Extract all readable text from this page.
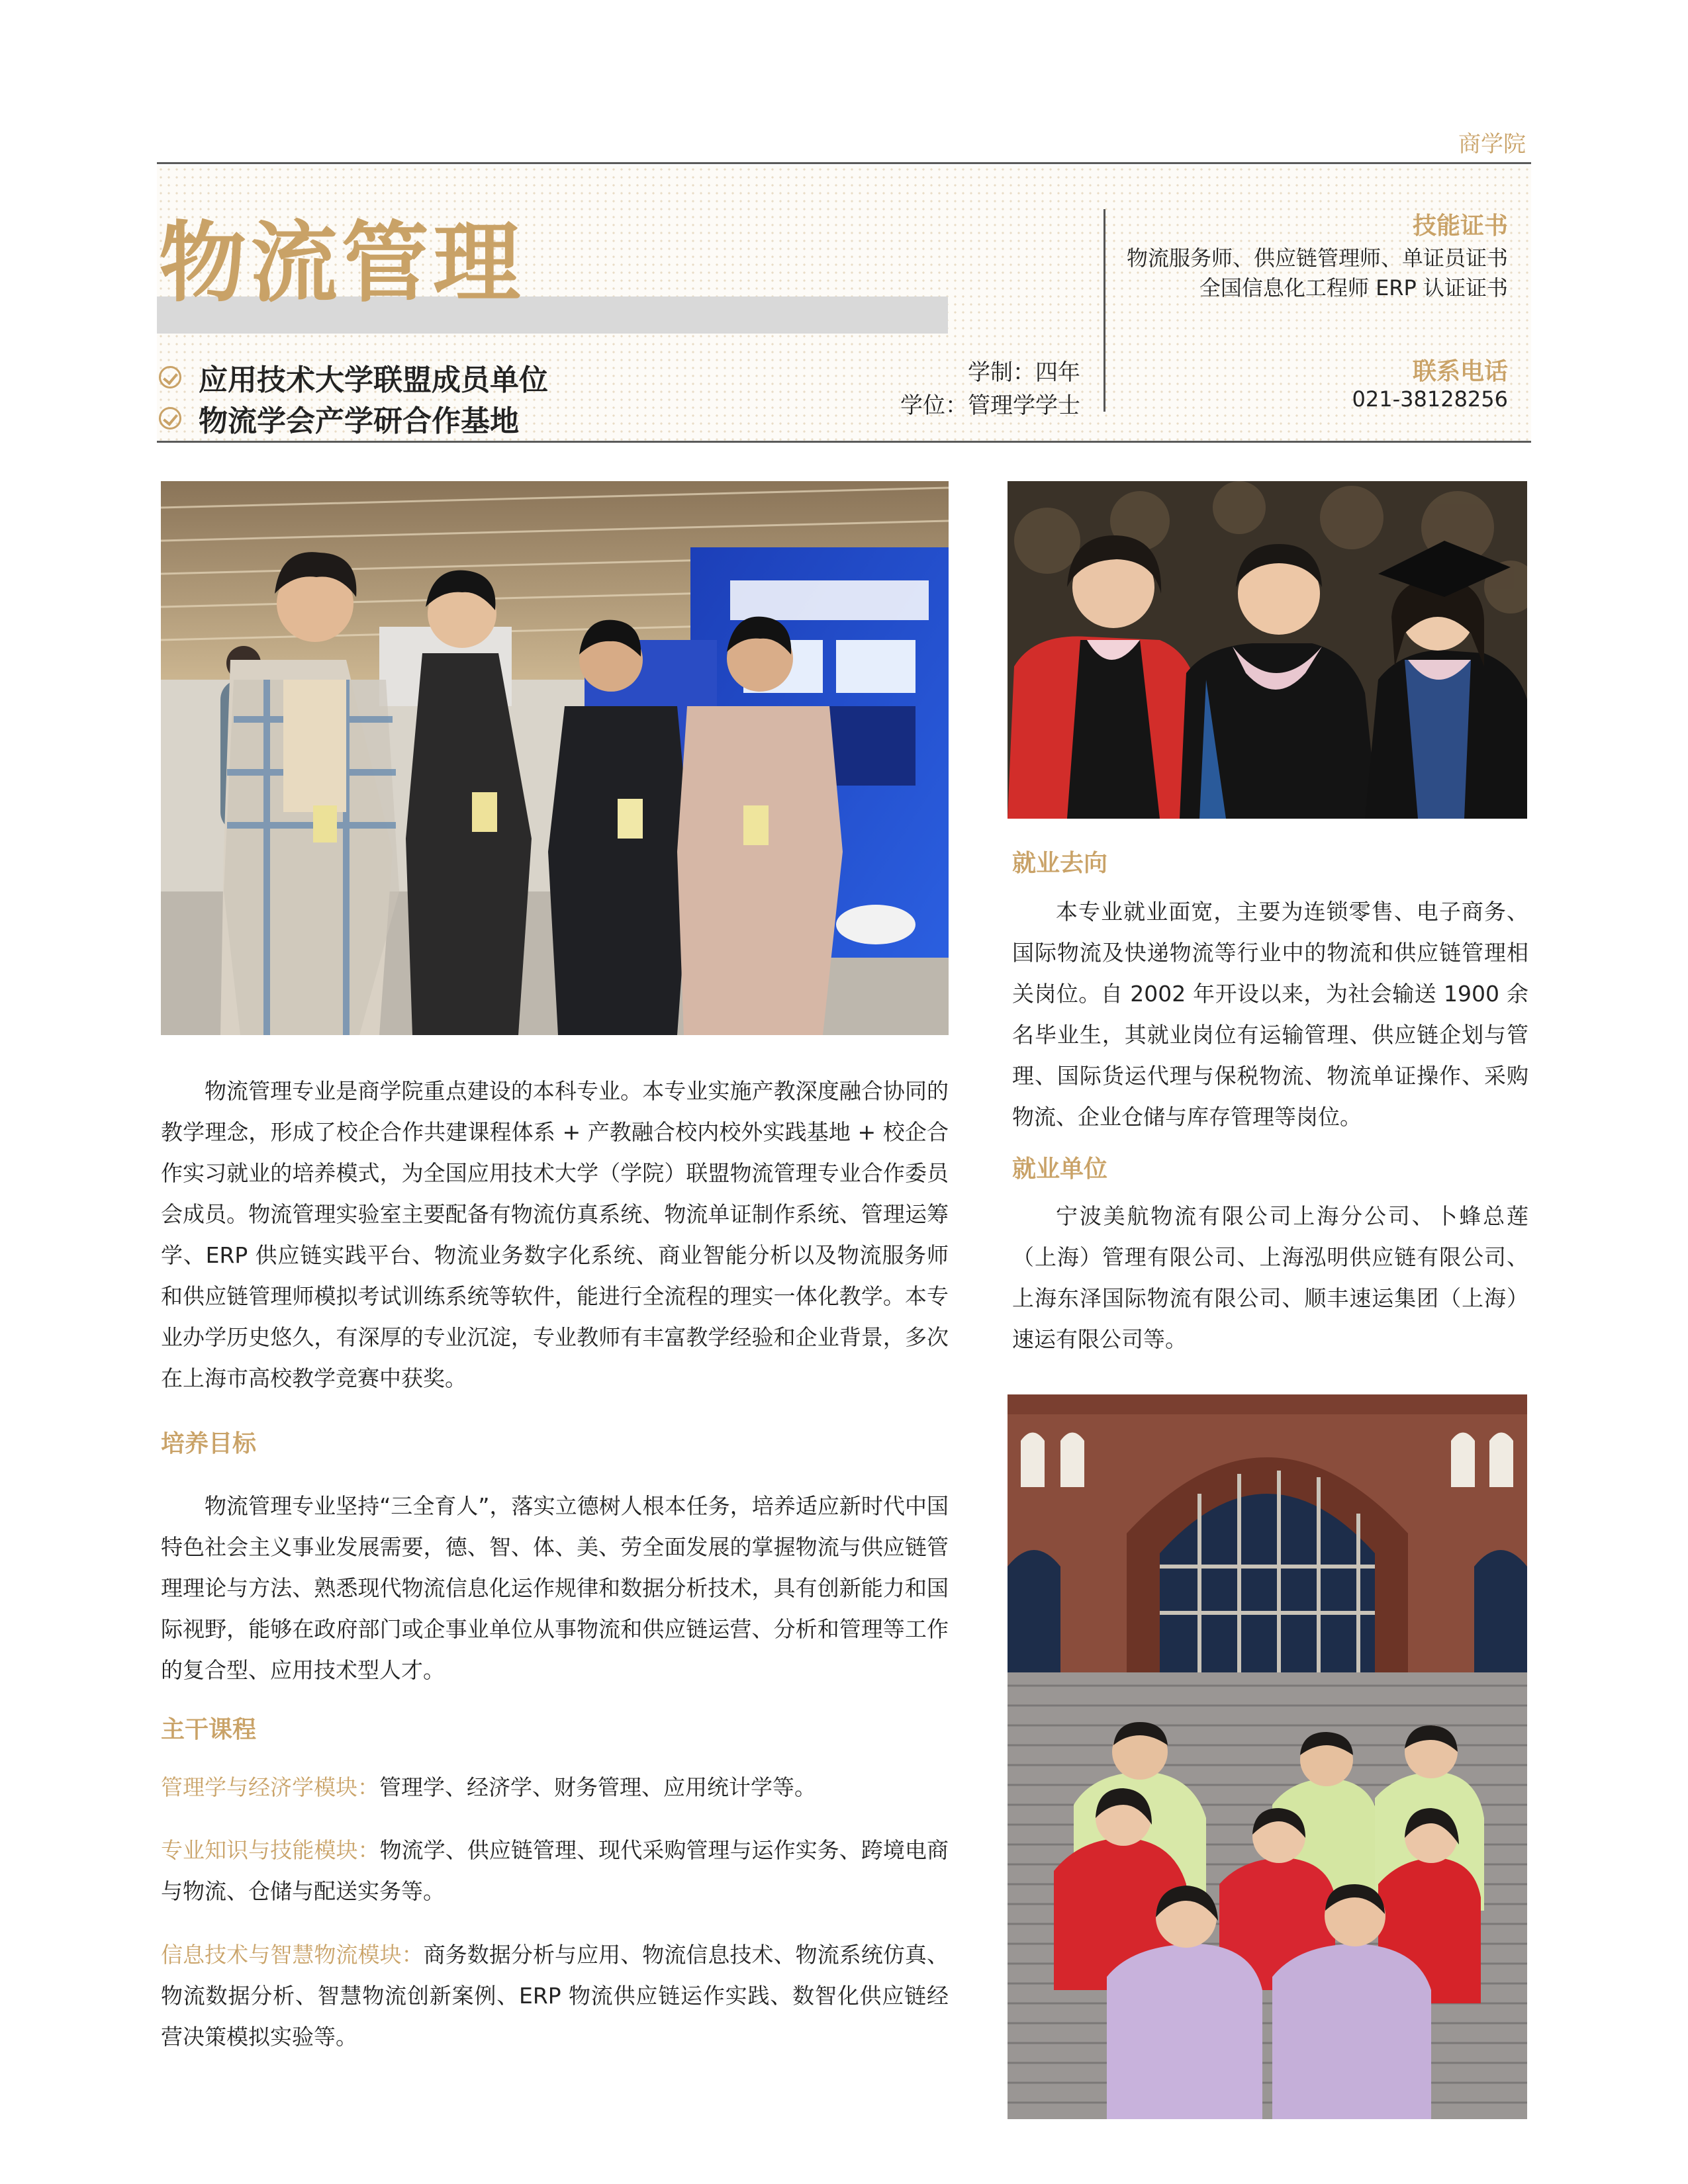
商学院
物流管理
应用技术大学联盟成员单位
物流学会产学研合作基地
学制：四年
学位：管理学学士
技能证书
物流服务师、供应链管理师、单证员证书
全国信息化工程师 ERP 认证证书
联系电话
021-38128256
就业去向

本专业就业面宽，主要为连锁零售、电子商务、国际物流及快递物流等行业中的物流和供应链管理相关岗位。自 2002 年开设以来，为社会输送 1900 余名毕业生，其就业岗位有运输管理、供应链企划与管理、国际货运代理与保税物流、物流单证操作、采购物流、企业仓储与库存管理等岗位。

就业单位

宁波美航物流有限公司上海分公司、卜蜂总莲（上海）管理有限公司、上海泓明供应链有限公司、上海东泽国际物流有限公司、顺丰速运集团（上海）速运有限公司等。

物流管理专业是商学院重点建设的本科专业。本专业实施产教深度融合协同的教学理念，形成了校企合作共建课程体系 + 产教融合校内校外实践基地 + 校企合作实习就业的培养模式，为全国应用技术大学（学院）联盟物流管理专业合作委员会成员。物流管理实验室主要配备有物流仿真系统、物流单证制作系统、管理运筹学、ERP 供应链实践平台、物流业务数字化系统、商业智能分析以及物流服务师和供应链管理师模拟考试训练系统等软件，能进行全流程的理实一体化教学。本专业办学历史悠久，有深厚的专业沉淀，专业教师有丰富教学经验和企业背景，多次在上海市高校教学竞赛中获奖。

培养目标

物流管理专业坚持“三全育人”，落实立德树人根本任务，培养适应新时代中国特色社会主义事业发展需要，德、智、体、美、劳全面发展的掌握物流与供应链管理理论与方法、熟悉现代物流信息化运作规律和数据分析技术，具有创新能力和国际视野，能够在政府部门或企事业单位从事物流和供应链运营、分析和管理等工作的复合型、应用技术型人才。

主干课程

管理学与经济学模块：管理学、经济学、财务管理、应用统计学等。

专业知识与技能模块：物流学、供应链管理、现代采购管理与运作实务、跨境电商与物流、仓储与配送实务等。

信息技术与智慧物流模块：商务数据分析与应用、物流信息技术、物流系统仿真、物流数据分析、智慧物流创新案例、ERP 物流供应链运作实践、数智化供应链经营决策模拟实验等。
